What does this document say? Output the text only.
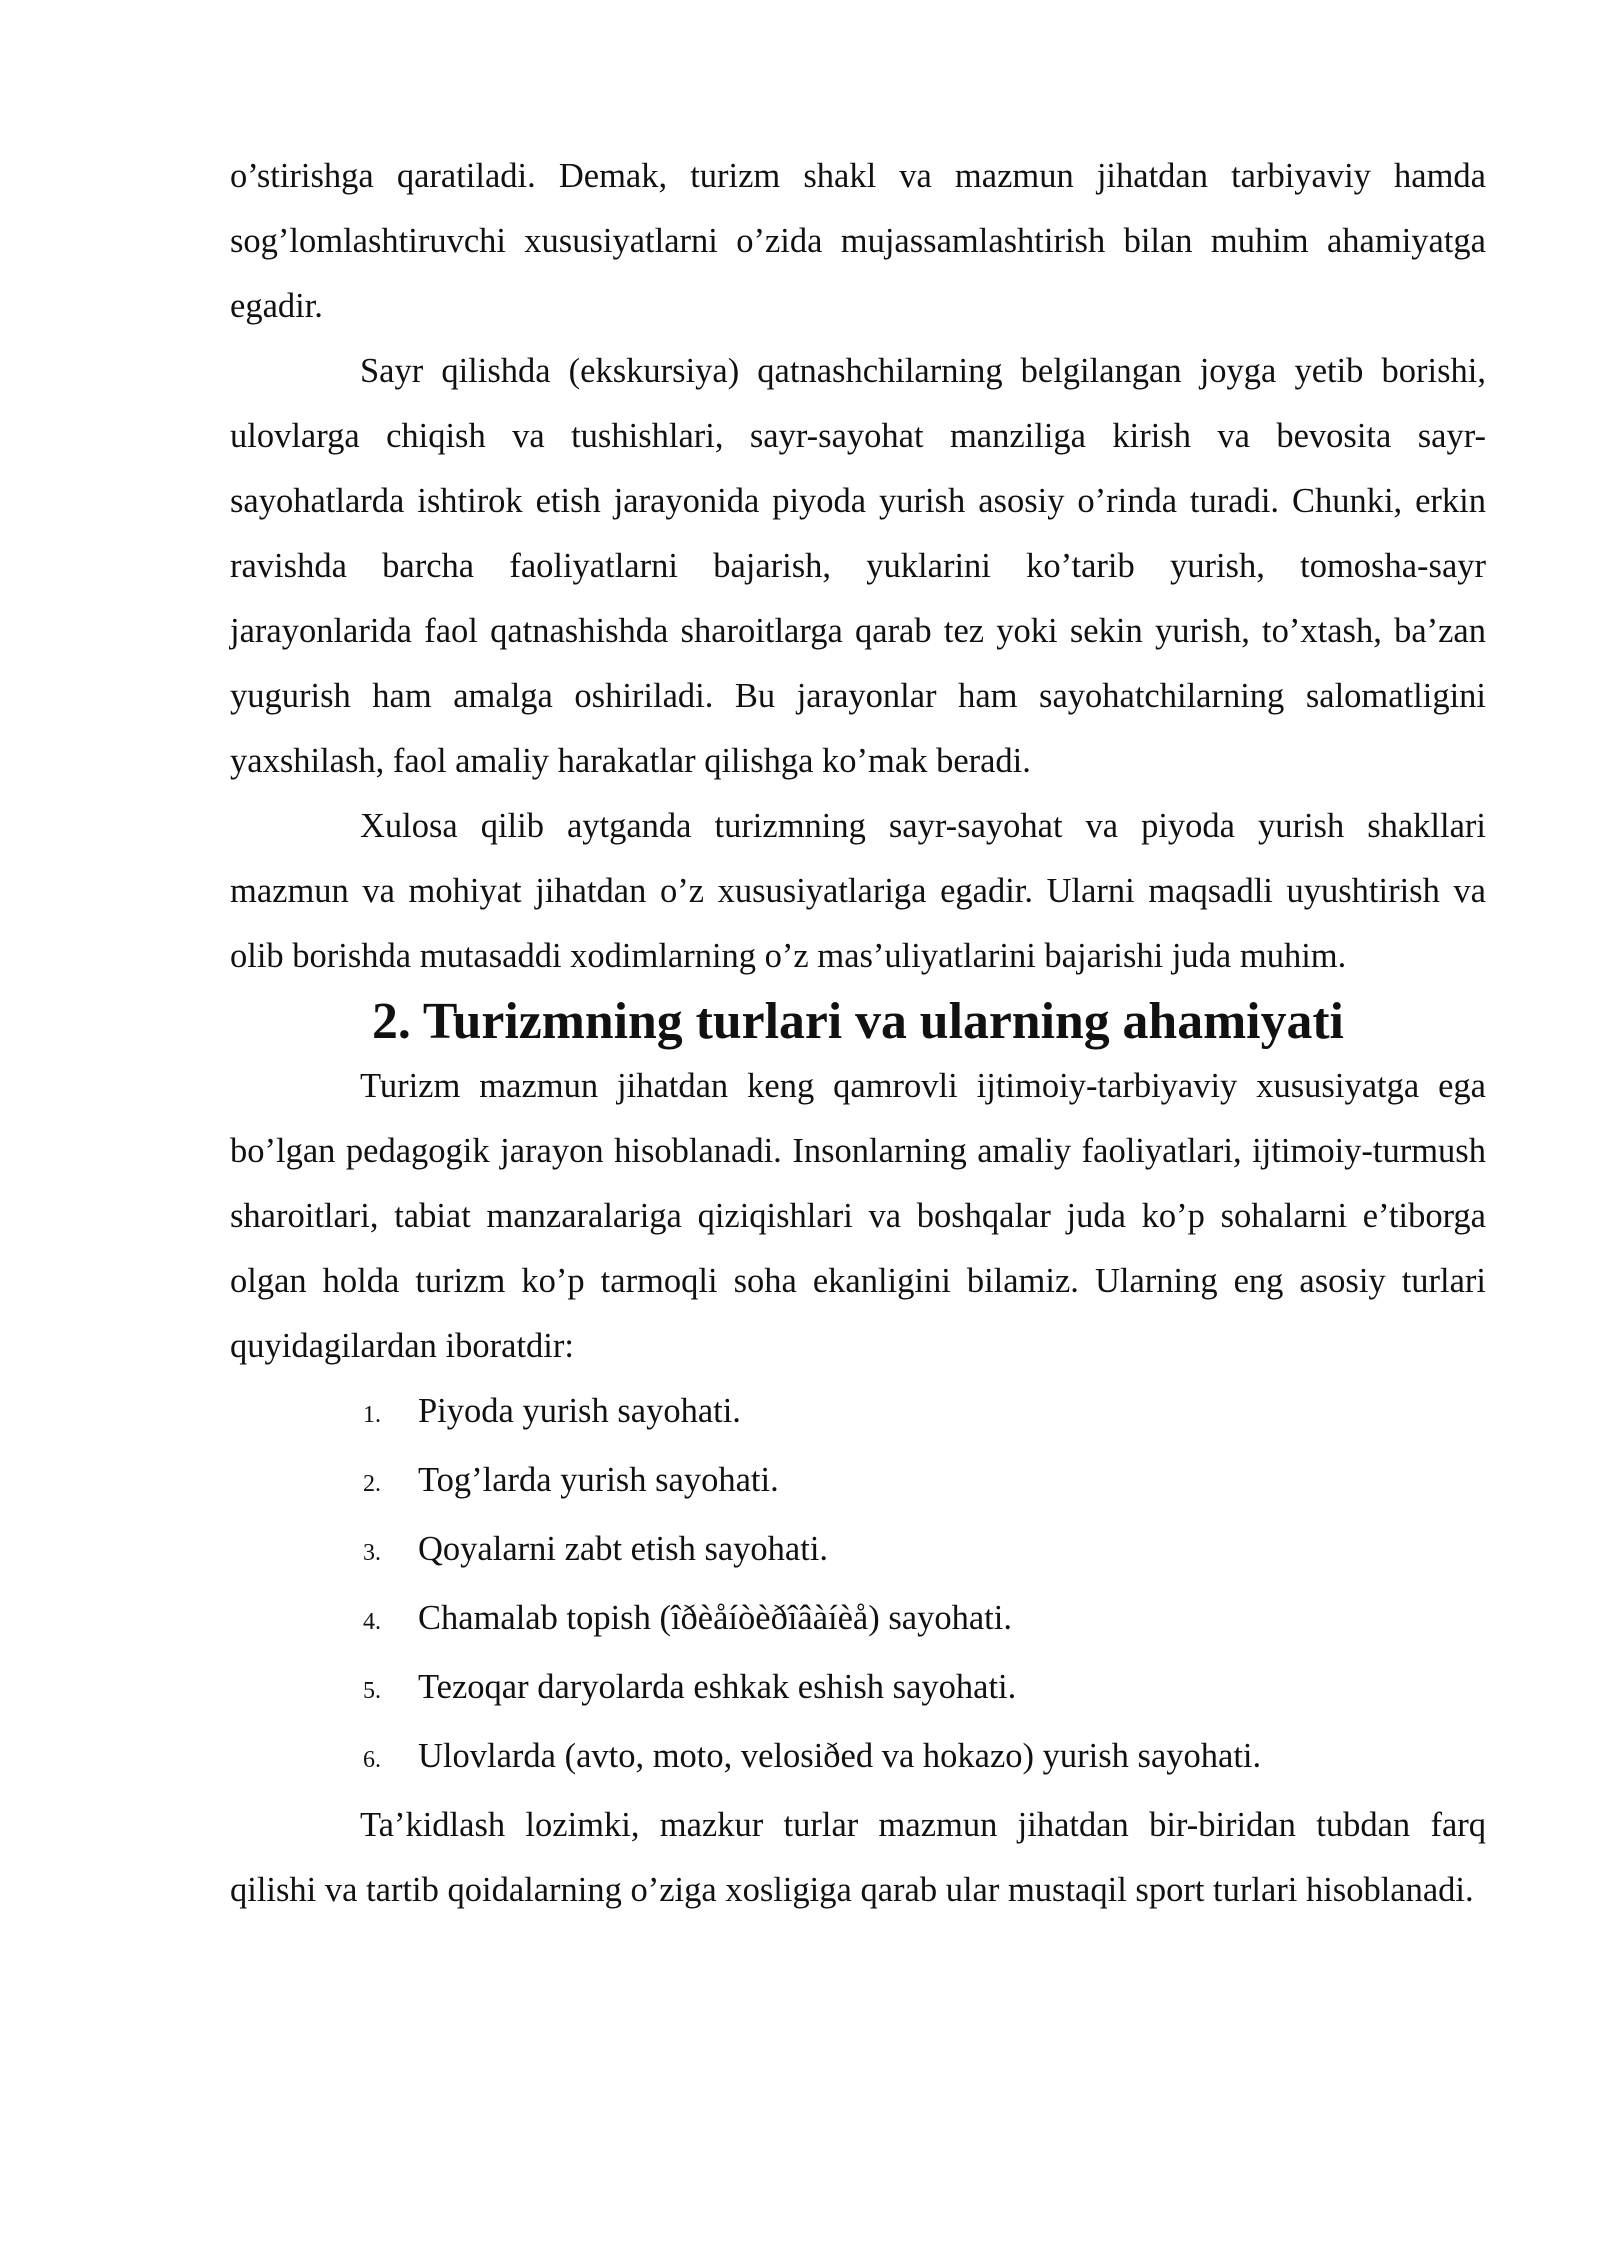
o’stirishga qaratiladi. Demak, turizm shakl va mazmun jihatdan tarbiyaviy hamda sog’lomlashtiruvchi xususiyatlarni o’zida mujassamlashtirish bilan muhim ahamiyatga egadir.

Sayr qilishda (ekskursiya) qatnashchilarning belgilangan joyga yetib borishi, ulovlarga chiqish va tushishlari, sayr-sayohat manziliga kirish va bevosita sayr-sayohatlarda ishtirok etish jarayonida piyoda yurish asosiy o’rinda turadi. Chunki, erkin ravishda barcha faoliyatlarni bajarish, yuklarini ko’tarib yurish, tomosha-sayr jarayonlarida faol qatnashishda sharoitlarga qarab tez yoki sekin yurish, to’xtash, ba’zan yugurish ham amalga oshiriladi. Bu jarayonlar ham sayohatchilarning salomatligini yaxshilash, faol amaliy harakatlar qilishga ko’mak beradi.

Xulosa qilib aytganda turizmning sayr-sayohat va piyoda yurish shakllari mazmun va mohiyat jihatdan o’z xususiyatlariga egadir. Ularni maqsadli uyushtirish va olib borishda mutasaddi xodimlarning o’z mas’uliyatlarini bajarishi juda muhim.

2. Turizmning turlari va ularning ahamiyati

Turizm mazmun jihatdan keng qamrovli ijtimoiy-tarbiyaviy xususiyatga ega bo’lgan pedagogik jarayon hisoblanadi. Insonlarning amaliy faoliyatlari, ijtimoiy-turmush sharoitlari, tabiat manzaralariga qiziqishlari va boshqalar juda ko’p sohalarni e’tiborga olgan holda turizm ko’p tarmoqli soha ekanligini bilamiz. Ularning eng asosiy turlari quyidagilardan iboratdir:

1.	Piyoda yurish sayohati.
2.	Tog’larda yurish sayohati.
3.	Qoyalarni zabt etish sayohati.
4.	Chamalab topish (îðèåíòèðîâàíèå) sayohati.
5.	Tezoqar daryolarda eshkak eshish sayohati.
6.	Ulovlarda (avto, moto, velosiðed va hokazo) yurish sayohati.

Ta’kidlash lozimki, mazkur turlar mazmun jihatdan bir-biridan tubdan farq qilishi va tartib qoidalarning o’ziga xosligiga qarab ular mustaqil sport turlari hisoblanadi.
